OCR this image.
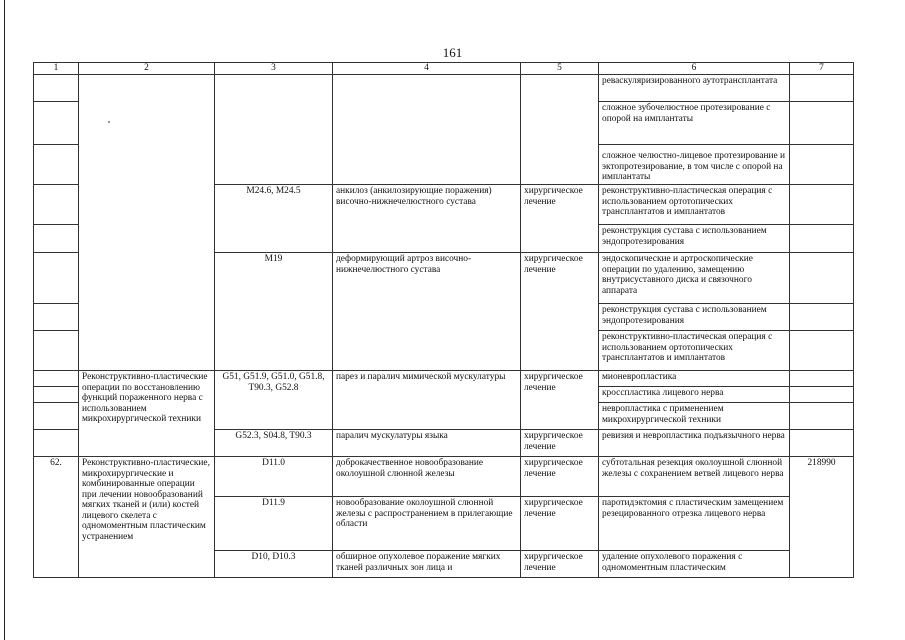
161
1	2	3	4	5	6	7
					реваскуляризированного аутотрансплантата	
					сложное зубочелюстное протезирование с опорой на имплантаты	
					сложное челюстно-лицевое протезирование и эктопротезирование, в том числе с опорой на имплантаты	
		M24.6, M24.5	анкилоз (анкилозирующие поражения) височно-нижнечелюстного сустава	хирургическое лечение	реконструктивно-пластическая операция с использованием ортотопических трансплантатов и имплантатов	
					реконструкция сустава с использованием эндопротезирования	
		M19	деформирующий артроз височно-нижнечелюстного сустава	хирургическое лечение	эндоскопические и артроскопические операции по удалению, замещению внутрисуставного диска и связочного аппарата	
					реконструкция сустава с использованием эндопротезирования	
					реконструктивно-пластическая операция с использованием ортотопических трансплантатов и имплантатов	
	Реконструктивно-пластические операции по восстановлению функций пораженного нерва с использованием микрохирургической техники	G51, G51.9, G51.0, G51.8, T90.3, G52.8	парез и паралич мимической мускулатуры	хирургическое лечение	мионевропластика	
					кросспластика лицевого нерва	
					невропластика с применением микрохирургической техники	
		G52.3, S04.8, T90.3	паралич мускулатуры языка	хирургическое лечение	ревизия и невропластика подъязычного нерва	
62.	Реконструктивно-пластические, микрохирургические и комбинированные операции при лечении новообразований мягких тканей и (или) костей лицевого скелета с одномоментным пластическим устранением	D11.0	доброкачественное новообразование околоушной слюнной железы	хирургическое лечение	субтотальная резекция околоушной слюнной железы с сохранением ветвей лицевого нерва	218990
		D11.9	новообразование околоушной слюнной железы с распространением в прилегающие области	хирургическое лечение	паротидэктомия с пластическим замещением резецированного отрезка лицевого нерва	
		D10, D10.3	обширное опухолевое поражение мягких тканей различных зон лица и	хирургическое лечение	удаление опухолевого поражения с одномоментным пластическим	
